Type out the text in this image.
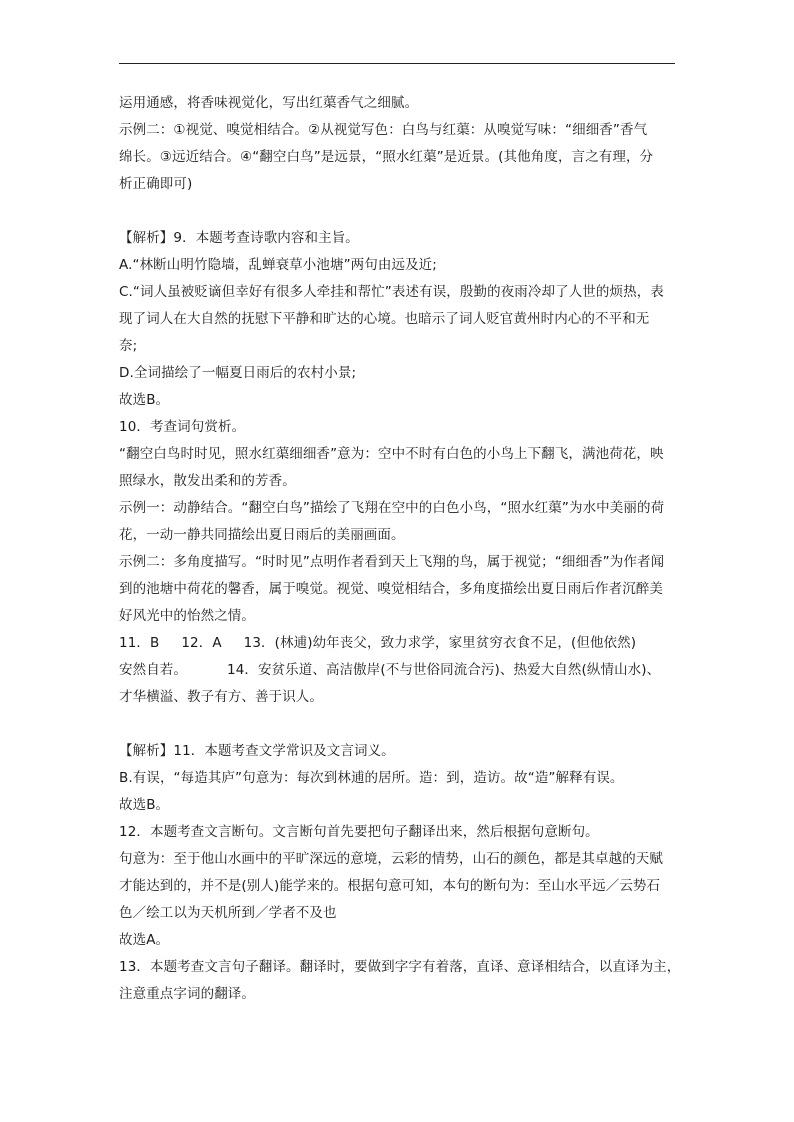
运用通感，将香味视觉化，写出红蕖香气之细腻。

示例二：①视觉、嗅觉相结合。②从视觉写色：白鸟与红蕖：从嗅觉写味：“细细香”香气

绵长。③远近结合。④“翻空白鸟”是远景，“照水红蕖”是近景。(其他角度，言之有理，分

析正确即可)

【解析】9．本题考查诗歌内容和主旨。

A.“林断山明竹隐墙，乱蝉衰草小池塘”两句由远及近;

C.“词人虽被贬谪但幸好有很多人牵挂和帮忙”表述有误，殷勤的夜雨冷却了人世的烦热，表

现了词人在大自然的抚慰下平静和旷达的心境。也暗示了词人贬官黄州时内心的不平和无

奈;

D.全词描绘了一幅夏日雨后的农村小景;

故选B。

10．考查词句赏析。

“翻空白鸟时时见，照水红蕖细细香”意为：空中不时有白色的小鸟上下翻飞，满池荷花，映

照绿水，散发出柔和的芳香。

示例一：动静结合。“翻空白鸟”描绘了飞翔在空中的白色小鸟，“照水红蕖”为水中美丽的荷

花，一动一静共同描绘出夏日雨后的美丽画面。

示例二：多角度描写。“时时见”点明作者看到天上飞翔的鸟，属于视觉；“细细香”为作者闻

到的池塘中荷花的馨香，属于嗅觉。视觉、嗅觉相结合，多角度描绘出夏日雨后作者沉醉美

好风光中的怡然之情。

11．B 12．A 13．(林逋)幼年丧父，致力求学，家里贫穷衣食不足，(但他依然)

安然自若。	14．安贫乐道、高洁傲岸(不与世俗同流合污)、热爱大自然(纵情山水)、

才华横溢、教子有方、善于识人。

【解析】11．本题考查文学常识及文言词义。

B.有误，“每造其庐”句意为：每次到林逋的居所。造：到，造访。故“造”解释有误。

故选B。

12．本题考查文言断句。文言断句首先要把句子翻译出来，然后根据句意断句。

句意为：至于他山水画中的平旷深远的意境，云彩的情势，山石的颜色，都是其卓越的天赋

才能达到的，并不是(别人)能学来的。根据句意可知，本句的断句为：至山水平远／云势石

色／绘工以为天机所到／学者不及也

故选A。

13．本题考查文言句子翻译。翻译时，要做到字字有着落，直译、意译相结合，以直译为主，

注意重点字词的翻译。
